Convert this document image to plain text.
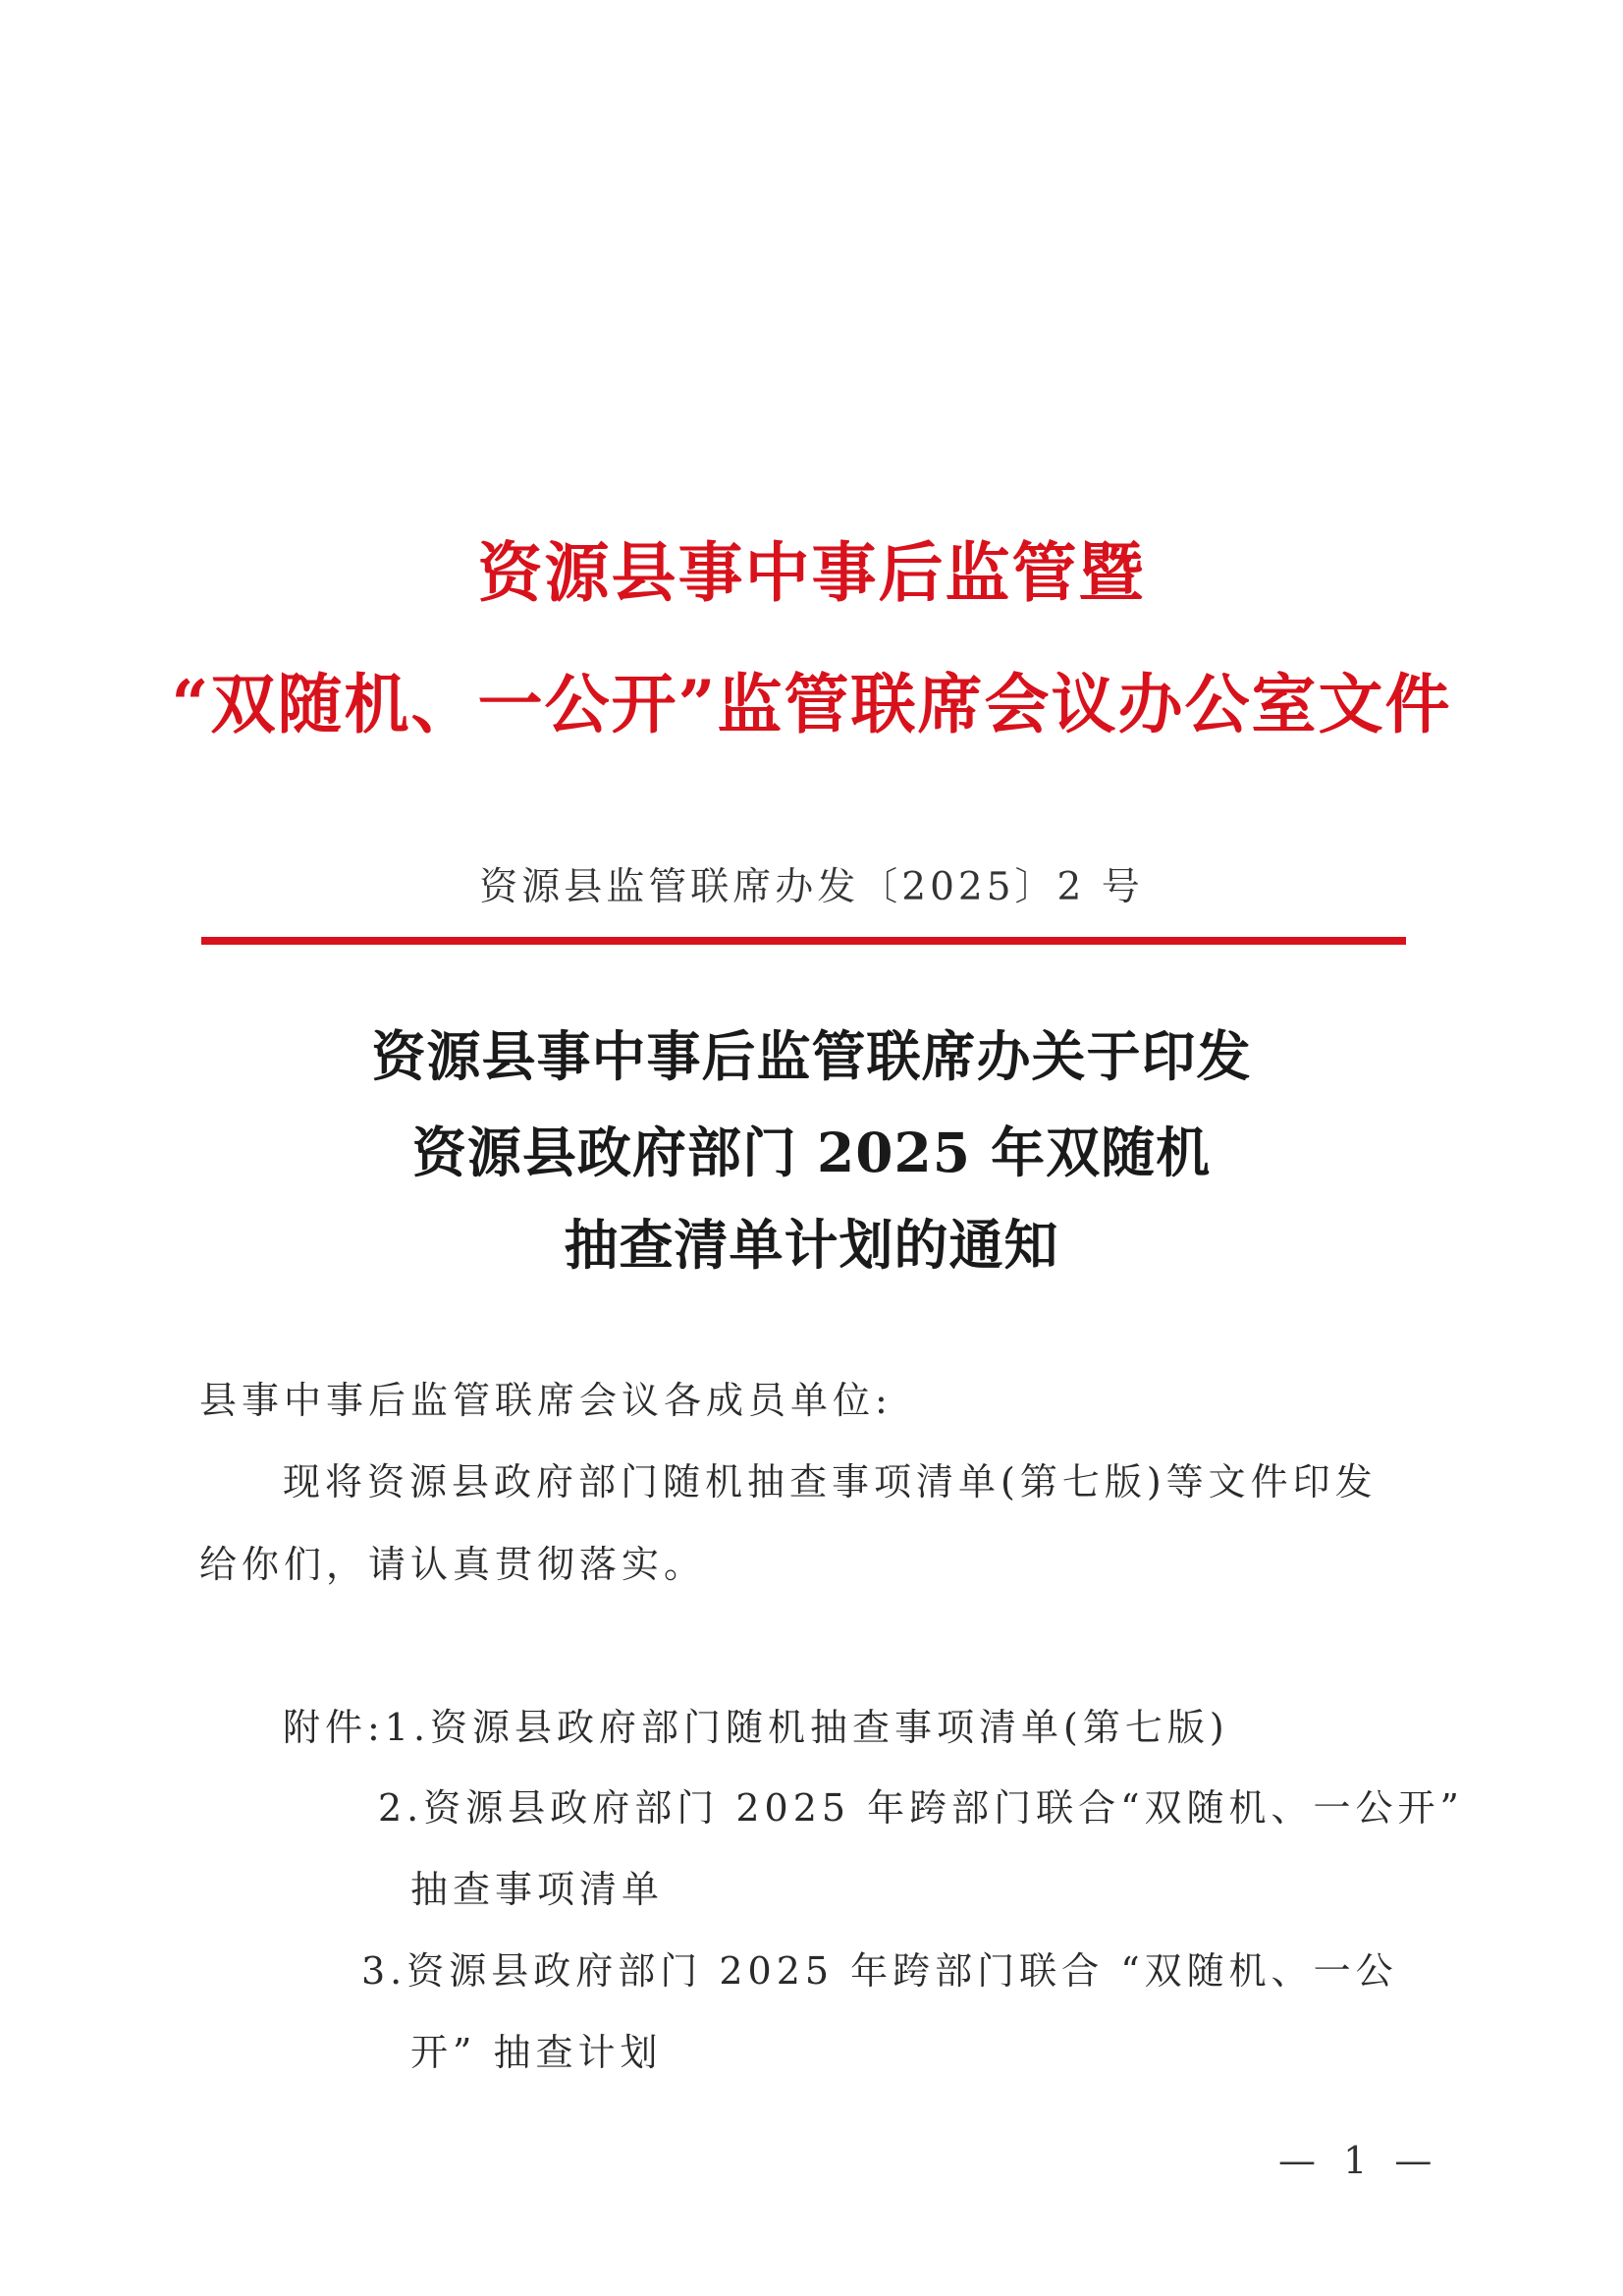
资源县事中事后监管暨
“双随机、一公开”监管联席会议办公室文件
资源县监管联席办发〔2025〕2 号
资源县事中事后监管联席办关于印发
资源县政府部门 2025 年双随机
抽查清单计划的通知
县事中事后监管联席会议各成员单位:
现将资源县政府部门随机抽查事项清单(第七版)等文件印发
给你们，请认真贯彻落实。
附件:1.资源县政府部门随机抽查事项清单(第七版)
2.资源县政府部门 2025 年跨部门联合“双随机、一公开”
抽查事项清单
3.资源县政府部门 2025 年跨部门联合 “双随机、一公
开” 抽查计划
— 1 —
